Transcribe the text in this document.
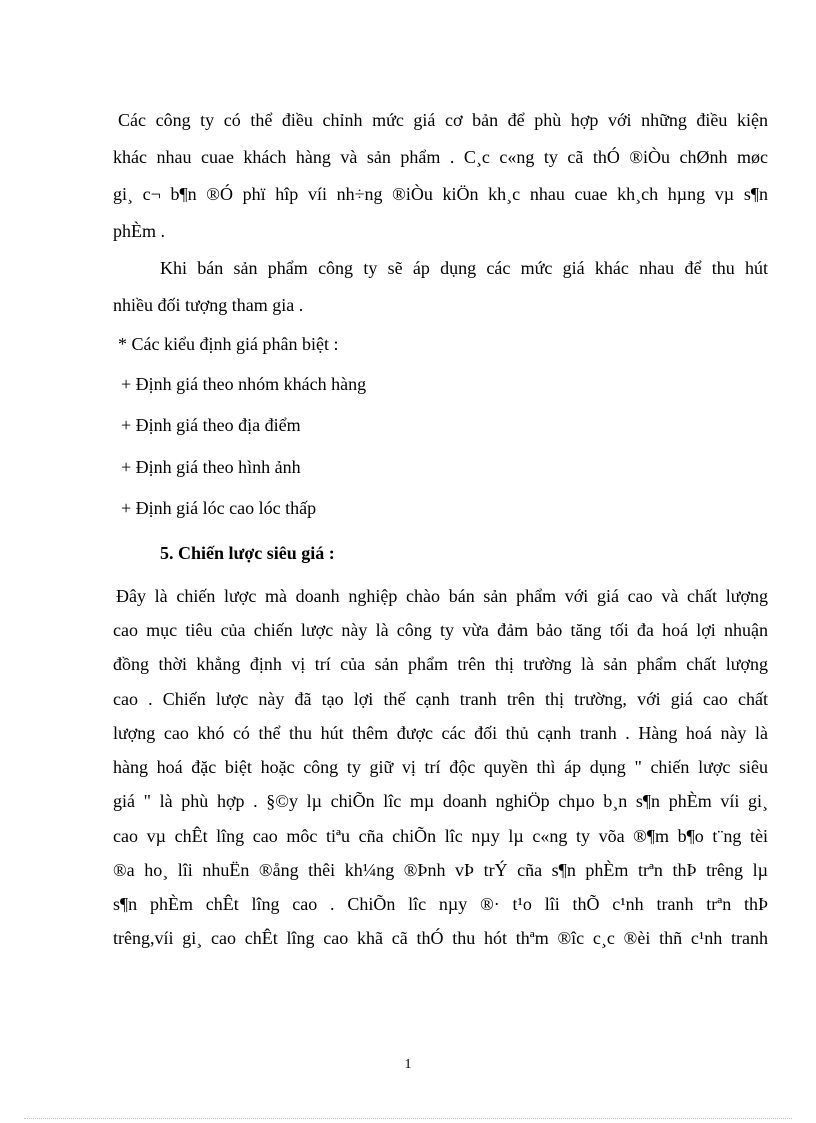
Các công ty có thể điều chỉnh mức giá cơ bản để phù hợp với những điều kiện

khác nhau cuae khách hàng và sản phẩm . C¸c c«ng ty cã thÓ ®iÒu chØnh møc

gi¸ c¬ b¶n ®Ó phï hîp víi nh÷ng ®iÒu kiÖn kh¸c nhau cuae kh¸ch hµng vµ s¶n

phÈm .

Khi bán sản phẩm công ty sẽ áp dụng các mức giá khác nhau để thu hút

nhiều đối tượng tham gia .

* Các kiểu định giá phân biệt :

+ Định giá theo nhóm khách hàng

+ Định giá theo địa điểm

+ Định giá theo hình ảnh

+ Định giá lóc cao lóc thấp

5. Chiến lược siêu giá :

Đây là chiến lược mà doanh nghiệp chào bán sản phẩm với giá cao và chất lượng

cao mục tiêu của chiến lược này là công ty vừa đảm bảo tăng tối đa hoá lợi nhuận

đồng thời khẳng định vị trí của sản phẩm trên thị trường là sản phẩm chất lượng

cao . Chiến lược này đã tạo lợi thế cạnh tranh trên thị trường, với giá cao chất

lượng cao khó có thể thu hút thêm được các đối thủ cạnh tranh . Hàng hoá này là

hàng hoá đặc biệt hoặc công ty giữ vị trí độc quyền thì áp dụng " chiến lược siêu

giá " là phù hợp . §©y lµ chiÕn lîc mµ doanh nghiÖp chµo b¸n s¶n phÈm víi gi¸

cao vµ chÊt lîng cao môc tiªu cña chiÕn lîc nµy lµ c«ng ty võa ®¶m b¶o t¨ng tèi

®a ho¸ lîi nhuËn ®ång thêi kh¼ng ®Þnh vÞ trÝ cña s¶n phÈm trªn thÞ trêng lµ

s¶n phÈm chÊt lîng cao . ChiÕn lîc nµy ®· t¹o lîi thÕ c¹nh tranh trªn thÞ

trêng,víi gi¸ cao chÊt lîng cao khã cã thÓ thu hót thªm ®îc c¸c ®èi thñ c¹nh tranh

1
